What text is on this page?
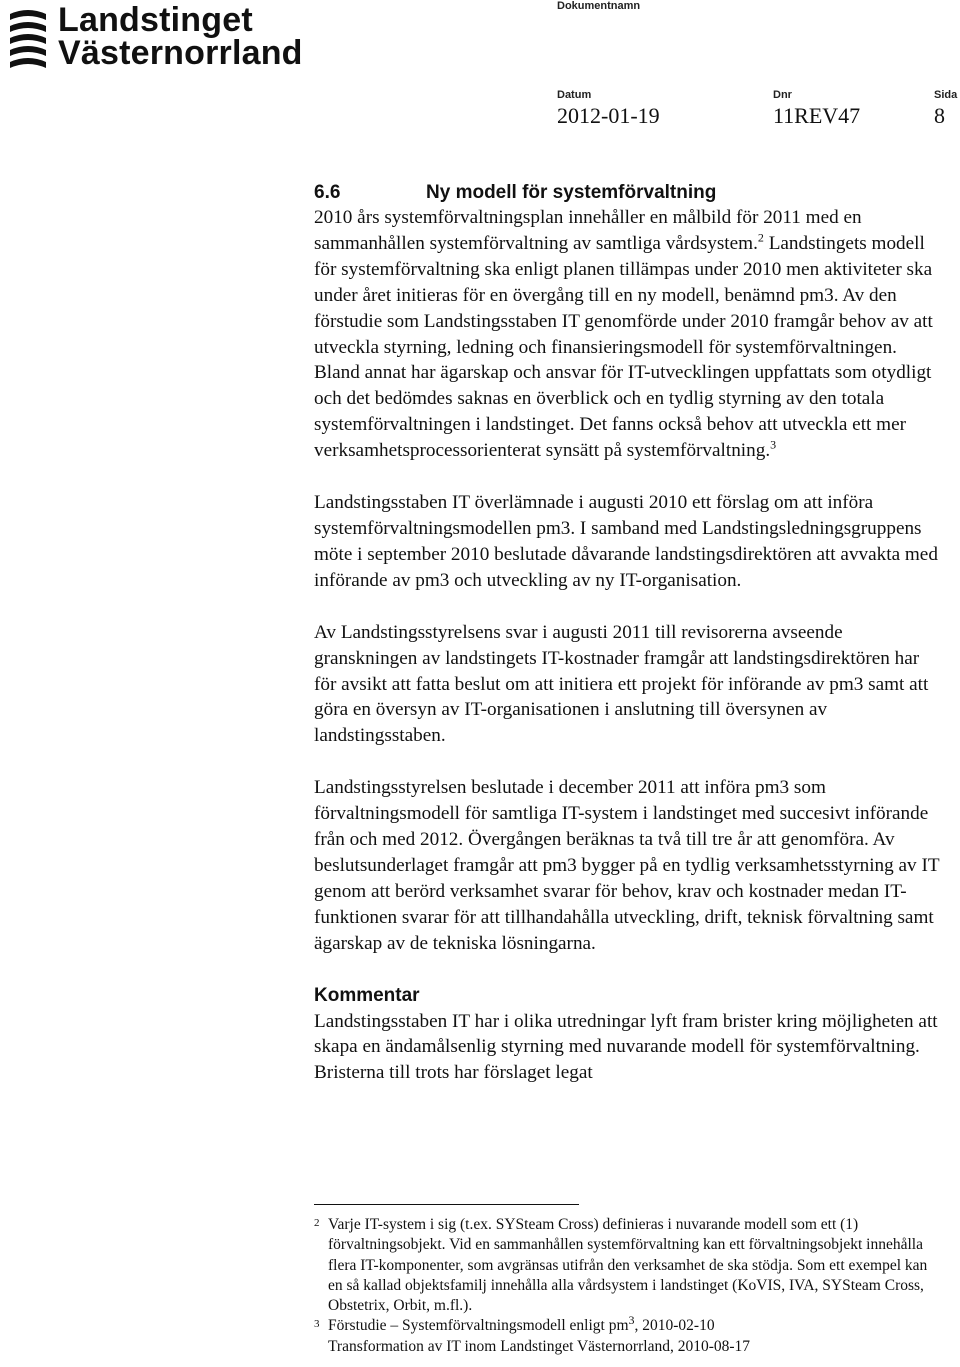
Landstinget
Västernorrland
Dokumentnamn
Datum
2012-01-19
Dnr
11REV47
Sida
8
6.6	Ny modell för systemförvaltning

2010 års systemförvaltningsplan innehåller en målbild för 2011 med en sammanhållen systemförvaltning av samtliga vårdsystem.$^2$ Landstingets modell för systemförvaltning ska enligt planen tillämpas under 2010 men aktiviteter ska under året initieras för en övergång till en ny modell, benämnd pm3. Av den förstudie som Landstingsstaben IT genomförde under 2010 framgår behov av att utveckla styrning, ledning och finansieringsmodell för systemförvaltningen. Bland annat har ägarskap och ansvar för IT-utvecklingen uppfattats som otydligt och det bedömdes saknas en överblick och en tydlig styrning av den totala systemförvaltningen i landstinget. Det fanns också behov att utveckla ett mer verksamhetsprocessorienterat synsätt på systemförvaltning.$^3$

Landstingsstaben IT överlämnade i augusti 2010 ett förslag om att införa systemförvaltningsmodellen pm3. I samband med Landstingsledningsgruppens möte i september 2010 beslutade dåvarande landstingsdirektören att avvakta med införande av pm3 och utveckling av ny IT-organisation.

Av Landstingsstyrelsens svar i augusti 2011 till revisorerna avseende granskningen av landstingets IT-kostnader framgår att landstingsdirektören har för avsikt att fatta beslut om att initiera ett projekt för införande av pm3 samt att göra en översyn av IT-organisationen i anslutning till översynen av landstingsstaben.

Landstingsstyrelsen beslutade i december 2011 att införa pm3 som förvaltningsmodell för samtliga IT-system i landstinget med succesivt införande från och med 2012. Övergången beräknas ta två till tre år att genomföra. Av beslutsunderlaget framgår att pm3 bygger på en tydlig verksamhetsstyrning av IT genom att berörd verksamhet svarar för behov, krav och kostnader medan IT-funktionen svarar för att tillhandahålla utveckling, drift, teknisk förvaltning samt ägarskap av de tekniska lösningarna.

Kommentar

Landstingsstaben IT har i olika utredningar lyft fram brister kring möjligheten att skapa en ändamålsenlig styrning med nuvarande modell för systemförvaltning. Bristerna till trots har förslaget legat

2 Varje IT-system i sig (t.ex. SYSteam Cross) definieras i nuvarande modell som ett (1) förvaltningsobjekt. Vid en sammanhållen systemförvaltning kan ett förvaltningsobjekt innehålla flera IT-komponenter, som avgränsas utifrån den verksamhet de ska stödja. Som ett exempel kan en så kallad objektsfamilj innehålla alla vårdsystem i landstinget (KoVIS, IVA, SYSteam Cross, Obstetrix, Orbit, m.fl.).
3 Förstudie – Systemförvaltningsmodell enligt $pm^3$, 2010-02-10
Transformation av IT inom Landstinget Västernorrland, 2010-08-17
